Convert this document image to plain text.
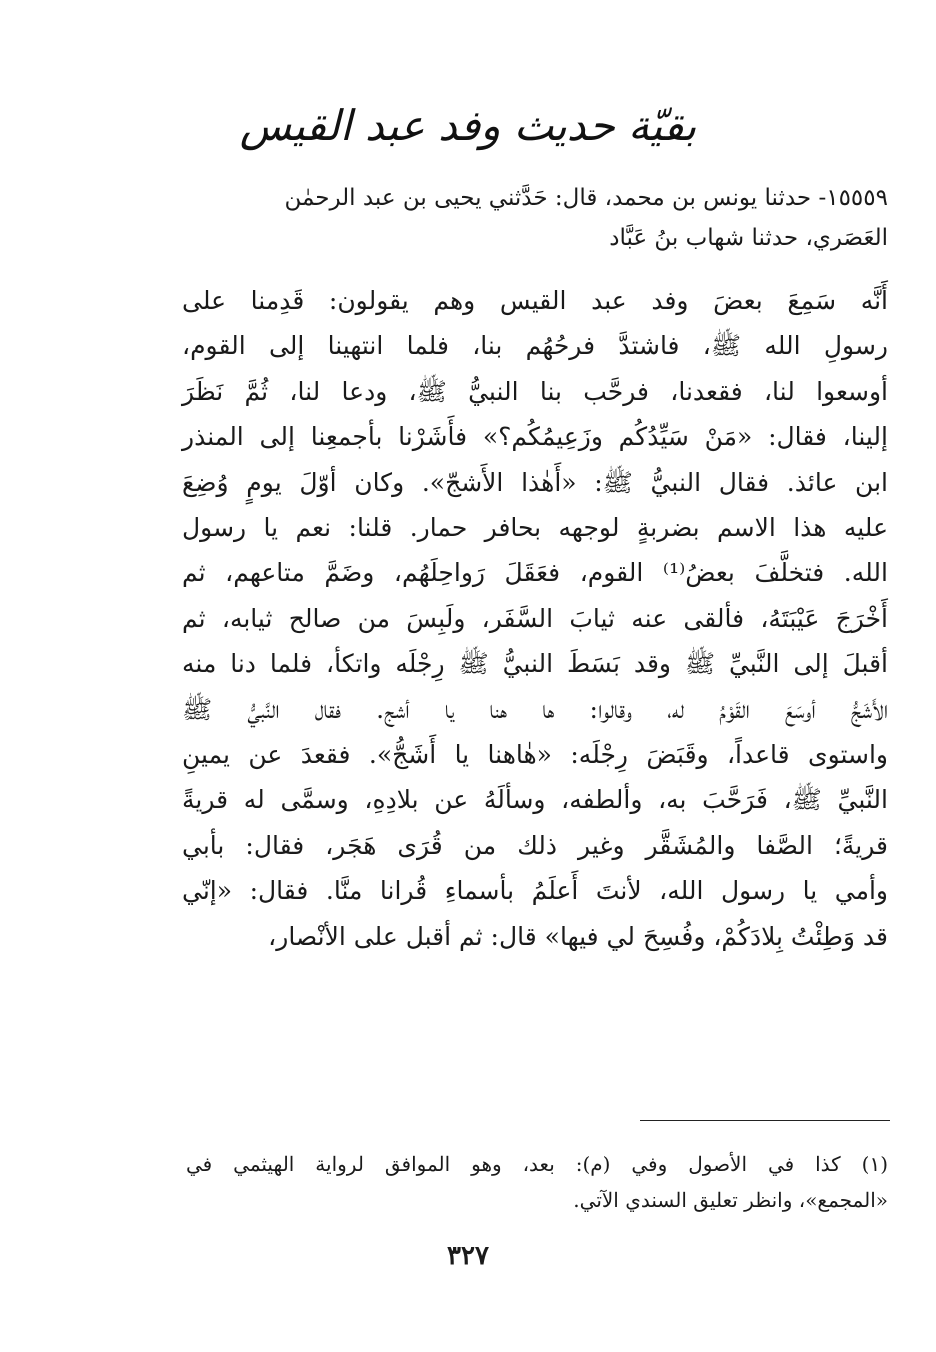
بقيّة حديث وفد عبد القيس
١٥٥٥٩- حدثنا يونس بن محمد، قال: حَدَّثني يحيى بن عبد الرحمٰن
العَصَري، حدثنا شهاب بنُ عَبَّاد
أَنَّه سَمِعَ بعضَ وفد عبد القيس وهم يقولون: قَدِمنا على
رسولِ الله ﷺ، فاشتدَّ فرحُهُم بنا، فلما انتهينا إلى القوم،
أوسعوا لنا، فقعدنا، فرحَّب بنا النبيُّ ﷺ، ودعا لنا، ثُمَّ نَظَرَ
إلينا، فقال: «مَنْ سَيِّدُكُم وزَعِيمُكُم؟» فأَشَرْنا بأجمعِنا إلى المنذر
ابن عائذ. فقال النبيُّ ﷺ: «أَهٰذا الأَشجّ». وكان أوّلَ يومٍ وُضِعَ
عليه هذا الاسم بضربةٍ لوجهه بحافر حمار. قلنا: نعم يا رسول
الله. فتخلَّفَ بعضُ⁽¹⁾ القوم، فعَقَلَ رَواحِلَهُم، وضَمَّ متاعهم، ثم
أَخْرَجَ عَيْبَتَهُ، فألقى عنه ثيابَ السَّفَر، ولَبِسَ من صالح ثيابه، ثم
أقبلَ إلى النَّبيِّ ﷺ وقد بَسَطَ النبيُّ ﷺ رِجْلَه واتكأ، فلما دنا منه
الأَشَجُّ أوسَعَ القَوْمُ له، وقالوا: ها هنا يا أشج. فقال النَّبيُّ ﷺ
واستوى قاعداً، وقَبَضَ رِجْلَه: «هٰاهنا يا أَشَجُّ». فقعدَ عن يمينِ
النَّبيِّ ﷺ، فَرَحَّبَ به، وألطفه، وسألَهُ عن بلادِهِ، وسمَّى له قريةً
قريةً؛ الصَّفا والمُشَقَّر وغير ذلك من قُرَى هَجَر، فقال: بأبي
وأمي يا رسول الله، لأنتَ أَعلَمُ بأسماءِ قُرانا منَّا. فقال: «إنّي
قد وَطِئْتُ بِلادَكُمْ، وفُسِحَ لي فيها» قال: ثم أقبل على الأنْصار،
(١) كذا في الأصول وفي (م): بعد، وهو الموافق لرواية الهيثمي في
«المجمع»، وانظر تعليق السندي الآتي.
٣٢٧
